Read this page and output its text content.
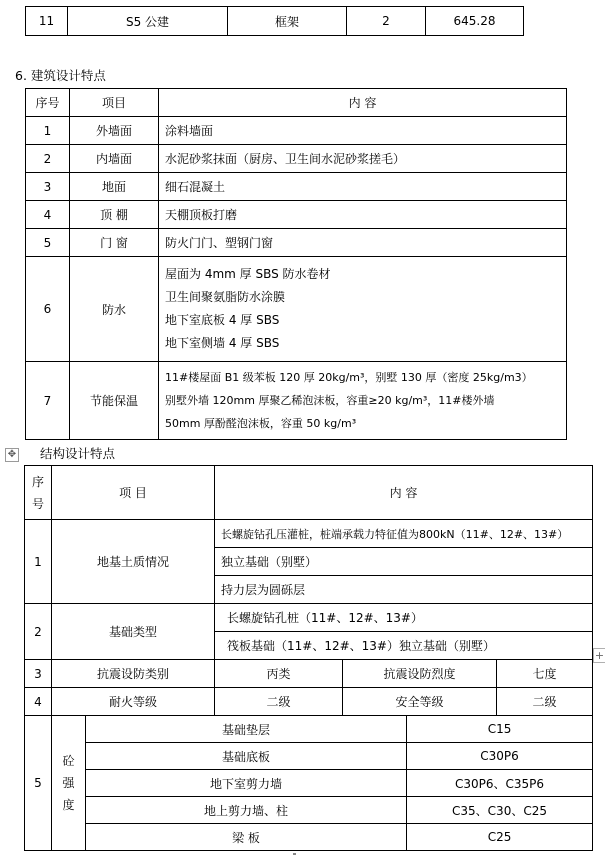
11	S5 公建	框架	2	645.28
6. 建筑设计特点
序号	项目	内 容
1	外墙面	涂料墙面
2	内墙面	水泥砂浆抹面（厨房、卫生间水泥砂浆搓毛）
3	地面	细石混凝土
4	顶 棚	天棚顶板打磨
5	门 窗	防火门门、塑钢门窗
6	防水	屋面为 4mm 厚 SBS 防水卷材
卫生间聚氨脂防水涂膜
地下室底板 4 厚 SBS
地下室侧墙 4 厚 SBS

7	节能保温	11#楼屋面 B1 级苯板 120 厚 20kg/m³，别墅 130 厚（密度 25kg/m3）
别墅外墙 120mm 厚聚乙稀泡沫板，容重≥20 kg/m³，11#楼外墙
50mm 厚酚醛泡沫板，容重 50 kg/m³
✥ 结构设计特点
序
号	项 目		内 容			
1	地基土质情况		长螺旋钻孔压灌桩，桩端承载力特征值为800kN（11#、12#、13#）			
			独立基础（别墅）			
			持力层为圆砾层			
2	基础类型		长螺旋钻孔桩（11#、12#、13#）			
			筏板基础（11#、12#、13#）独立基础（别墅）			
3	抗震设防类别		丙类	抗震设防烈度		七度
4	耐火等级		二级	安全等级		二级
5	砼
强
度	基础垫层			C15	
		基础底板			C30P6	
		地下室剪力墙			C30P6、C35P6	
		地上剪力墙、柱			C35、C30、C25	
		梁 板			C25	
+
